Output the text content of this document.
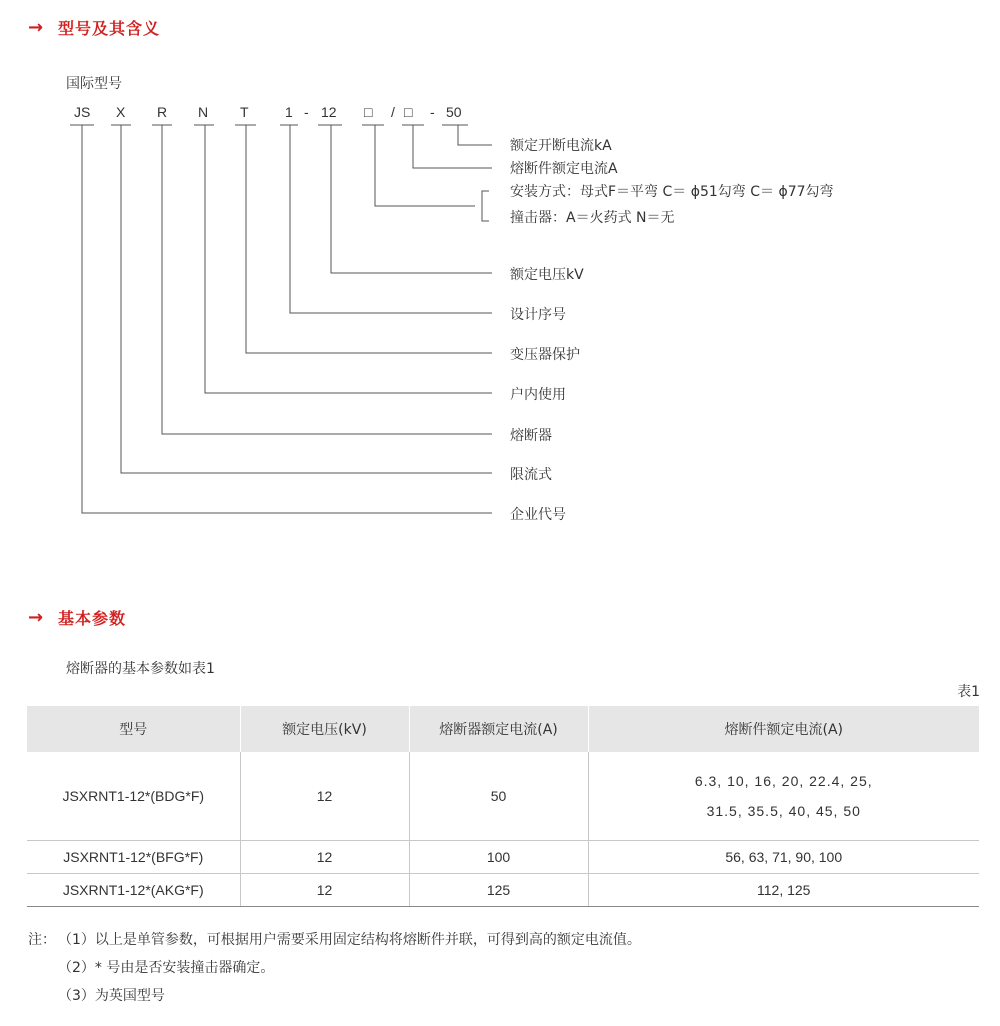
→ 型号及其含义
国际型号
JS X R N T	1 - 12 □ / □ - 50
额定开断电流kA
熔断件额定电流A
安装方式：母式F＝平弯 C＝ ϕ51勾弯 C＝ ϕ77勾弯
撞击器：A＝火药式 N＝无
额定电压kV
设计序号
变压器保护
户内使用
熔断器
限流式
企业代号
→ 基本参数
熔断器的基本参数如表1
表1
型号	额定电压(kV)	熔断器额定电流(A)	熔断件额定电流(A)
JSXRNT1-12*(BDG*F)	12	50	6.3, 10, 16, 20, 22.4, 25,
31.5, 35.5, 40, 45, 50

JSXRNT1-12*(BFG*F)	12	100	56, 63, 71, 90, 100
JSXRNT1-12*(AKG*F)	12	125	112, 125
注： （1）以上是单管参数，可根据用户需要采用固定结构将熔断件并联，可得到高的额定电流值。
（2）* 号由是否安装撞击器确定。
（3）为英国型号
